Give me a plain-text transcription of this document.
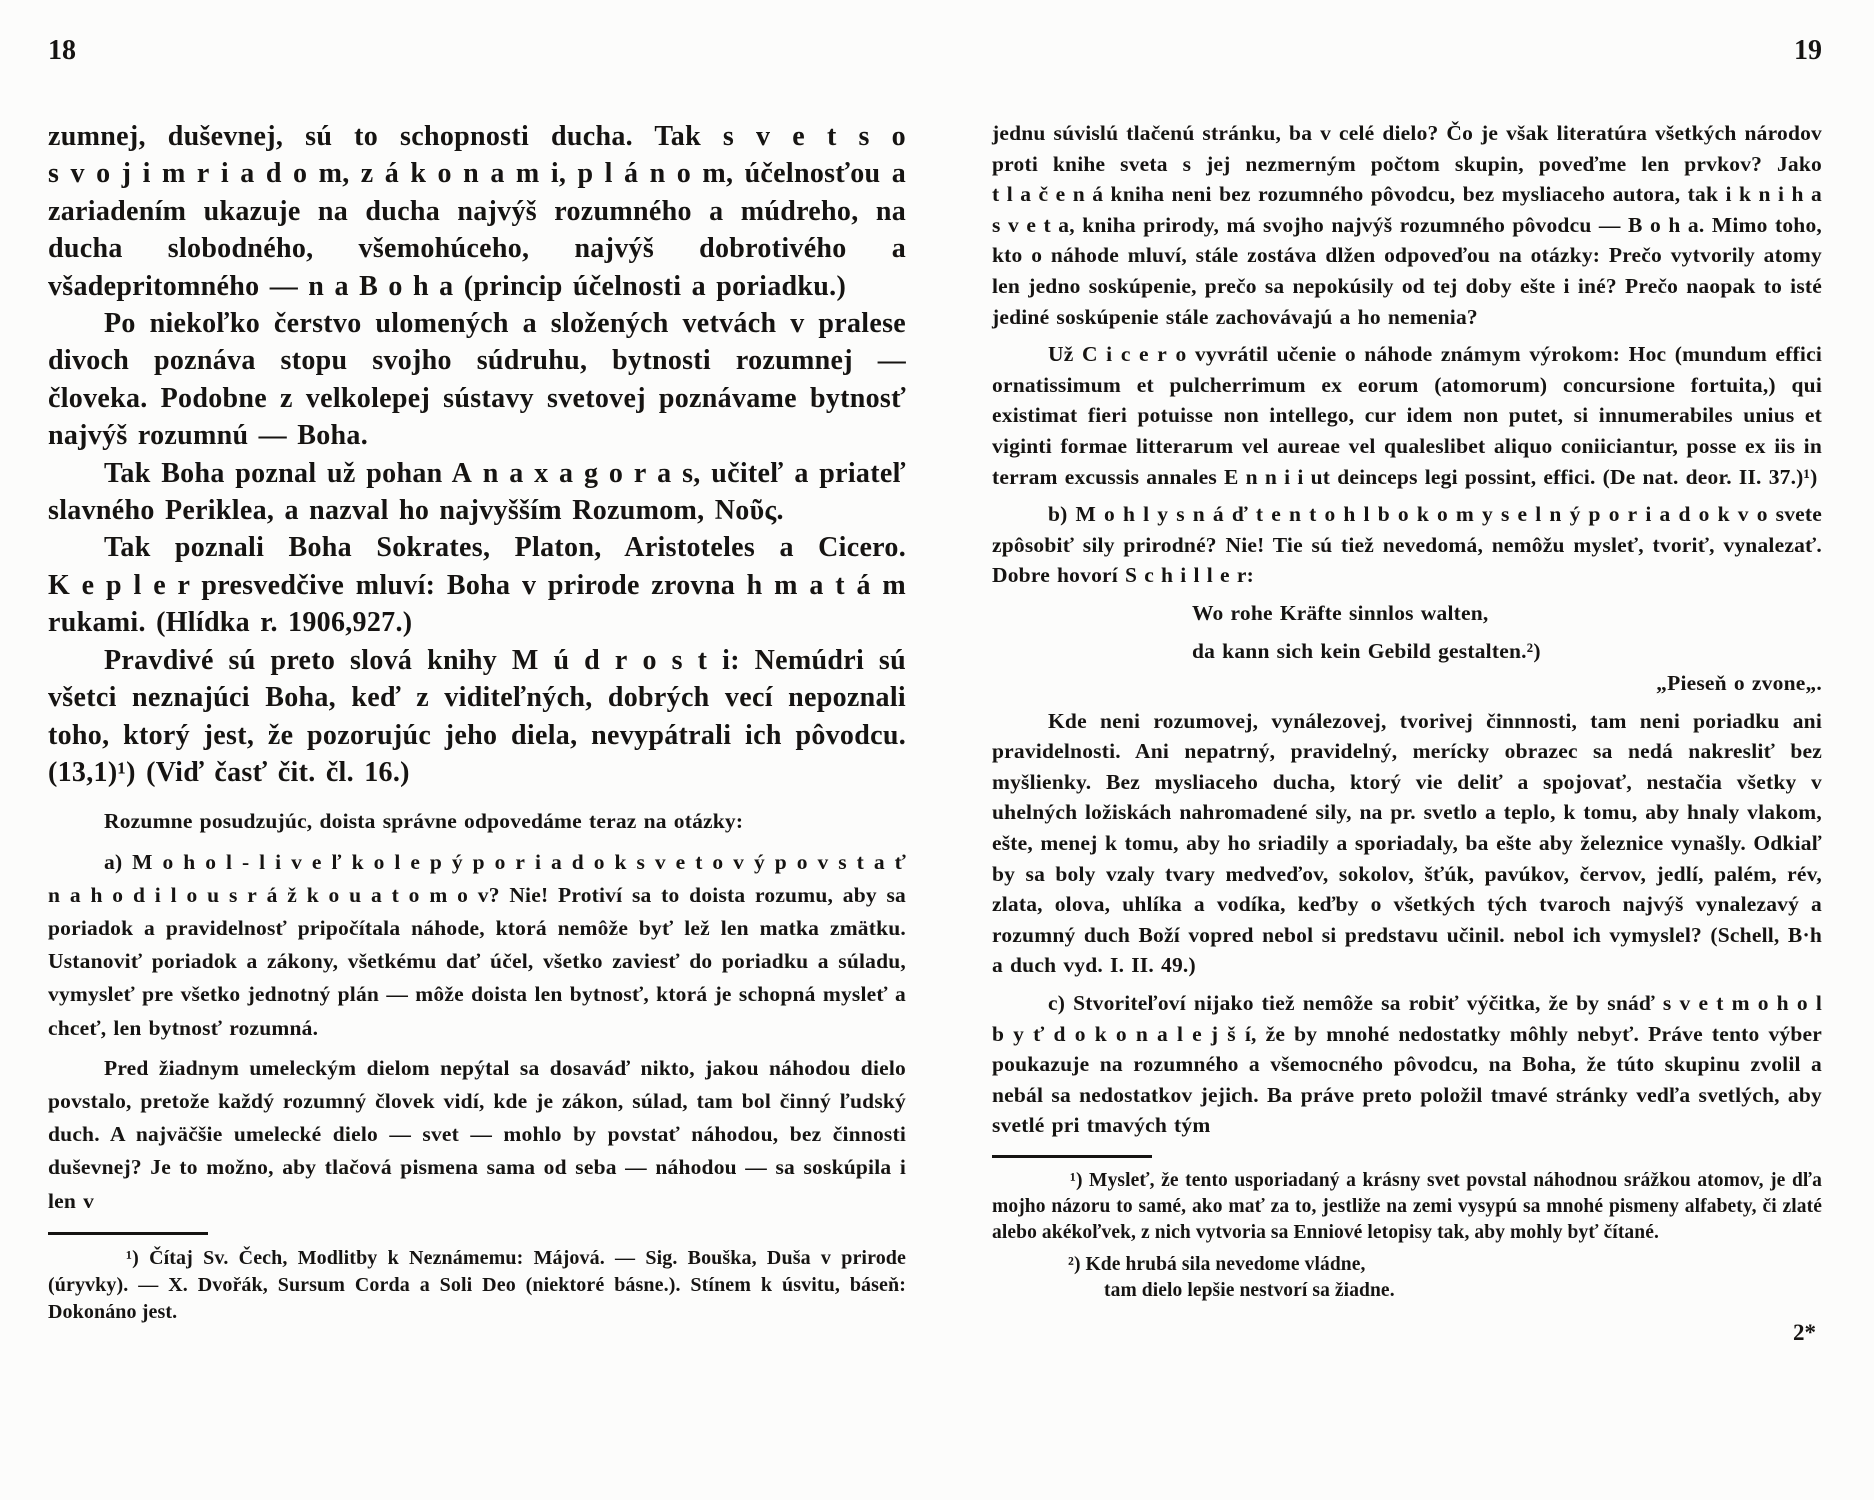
18

zumnej, duševnej, sú to schopnosti ducha. Tak s v e t s o s v o j i m r i a d o m, z á k o n a m i, p l á n o m, účelnosťou a zariadením ukazuje na ducha najvýš rozumného a múdreho, na ducha slobodného, všemohúceho, najvýš dobrotivého a všadepritomného — n a B o h a (princip účelnosti a poriadku.)

Po niekoľko čerstvo ulomených a složených vetvách v pralese divoch poznáva stopu svojho súdruhu, bytnosti rozumnej — človeka. Podobne z velkolepej sústavy svetovej poznávame bytnosť najvýš rozumnú — Boha.

Tak Boha poznal už pohan A n a x a g o r a s, učiteľ a priateľ slavného Periklea, a nazval ho najvyšším Rozumom, Νοῦς.

Tak poznali Boha Sokrates, Platon, Aristoteles a Cicero. K e p l e r presvedčive mluví: Boha v prirode zrovna h m a t á m rukami. (Hlídka r. 1906,927.)

Pravdivé sú preto slová knihy M ú d r o s t i: Nemúdri sú všetci neznajúci Boha, keď z viditeľných, dobrých vecí nepoznali toho, ktorý jest, že pozorujúc jeho diela, nevypátrali ich pôvodcu. (13,1)¹) (Viď časť čit. čl. 16.)

Rozumne posudzujúc, doista správne odpovedáme teraz na otázky:

a) M o h o l - l i v e ľ k o l e p ý p o r i a d o k s v e t o v ý p o v s t a ť n a h o d i l o u s r á ž k o u a t o m o v? Nie! Protiví sa to doista rozumu, aby sa poriadok a pravidelnosť pripočítala náhode, ktorá nemôže byť lež len matka zmätku. Ustanoviť poriadok a zákony, všetkému dať účel, všetko zaviesť do poriadku a súladu, vymysleť pre všetko jednotný plán — môže doista len bytnosť, ktorá je schopná mysleť a chceť, len bytnosť rozumná.

Pred žiadnym umeleckým dielom nepýtal sa dosaváď nikto, jakou náhodou dielo povstalo, pretože každý rozumný človek vidí, kde je zákon, súlad, tam bol činný ľudský duch. A najväčšie umelecké dielo — svet — mohlo by povstať náhodou, bez činnosti duševnej? Je to možno, aby tlačová pismena sama od seba — náhodou — sa soskúpila i len v

¹) Čítaj Sv. Čech, Modlitby k Neznámemu: Májová. — Sig. Bouška, Duša v prirode (úryvky). — X. Dvořák, Sursum Corda a Soli Deo (niektoré básne.). Stínem k úsvitu, báseň: Dokonáno jest.

19

jednu súvislú tlačenú stránku, ba v celé dielo? Čo je však literatúra všetkých národov proti knihe sveta s jej nezmerným počtom skupin, poveďme len prvkov? Jako t l a č e n á kniha neni bez rozumného pôvodcu, bez mysliaceho autora, tak i k n i h a s v e t a, kniha prirody, má svojho najvýš rozumného pôvodcu — B o h a. Mimo toho, kto o náhode mluví, stále zostáva dlžen odpoveďou na otázky: Prečo vytvorily atomy len jedno soskúpenie, prečo sa nepokúsily od tej doby ešte i iné? Prečo naopak to isté jediné soskúpenie stále zachovávajú a ho nemenia?

Už C i c e r o vyvrátil učenie o náhode známym výrokom: Hoc (mundum effici ornatissimum et pulcherrimum ex eorum (atomorum) concursione fortuita,) qui existimat fieri potuisse non intellego, cur idem non putet, si innumerabiles unius et viginti formae litterarum vel aureae vel qualeslibet aliquo coniiciantur, posse ex iis in terram excussis annales E n n i i ut deinceps legi possint, effici. (De nat. deor. II. 37.)¹)

b) M o h l y s n á ď t e n t o h l b o k o m y s e l n ý p o r i a d o k v o svete zpôsobiť sily prirodné? Nie! Tie sú tiež nevedomá, nemôžu mysleť, tvoriť, vynalezať. Dobre hovorí S c h i l l e r:

Wo rohe Kräfte sinnlos walten,

da kann sich kein Gebild gestalten.²)

„Pieseň o zvone„.

Kde neni rozumovej, vynálezovej, tvorivej činnnosti, tam neni poriadku ani pravidelnosti. Ani nepatrný, pravidelný, merícky obrazec sa nedá nakresliť bez myšlienky. Bez mysliaceho ducha, ktorý vie deliť a spojovať, nestačia všetky v uhelných ložiskách nahromadené sily, na pr. svetlo a teplo, k tomu, aby hnaly vlakom, ešte, menej k tomu, aby ho sriadily a sporiadaly, ba ešte aby železnice vynašly. Odkiaľ by sa boly vzaly tvary medveďov, sokolov, šťúk, pavúkov, červov, jedlí, palém, rév, zlata, olova, uhlíka a vodíka, keďby o všetkých tých tvaroch najvýš vynalezavý a rozumný duch Boží vopred nebol si predstavu učinil. nebol ich vymyslel? (Schell, B·h a duch vyd. I. II. 49.)

c) Stvoriteľoví nijako tiež nemôže sa robiť výčitka, že by snáď s v e t m o h o l b y ť d o k o n a l e j š í, že by mnohé nedostatky môhly nebyť. Práve tento výber poukazuje na rozumného a všemocného pôvodcu, na Boha, že túto skupinu zvolil a nebál sa nedostatkov jejich. Ba práve preto položil tmavé stránky vedľa svetlých, aby svetlé pri tmavých tým

¹) Mysleť, že tento usporiadaný a krásny svet povstal náhodnou srážkou atomov, je dľa mojho názoru to samé, ako mať za to, jestliže na zemi vysypú sa mnohé pismeny alfabety, či zlaté alebo akékoľvek, z nich vytvoria sa Enniové letopisy tak, aby mohly byť čítané.

²) Kde hrubá sila nevedome vládne,

tam dielo lepšie nestvorí sa žiadne.

2*
